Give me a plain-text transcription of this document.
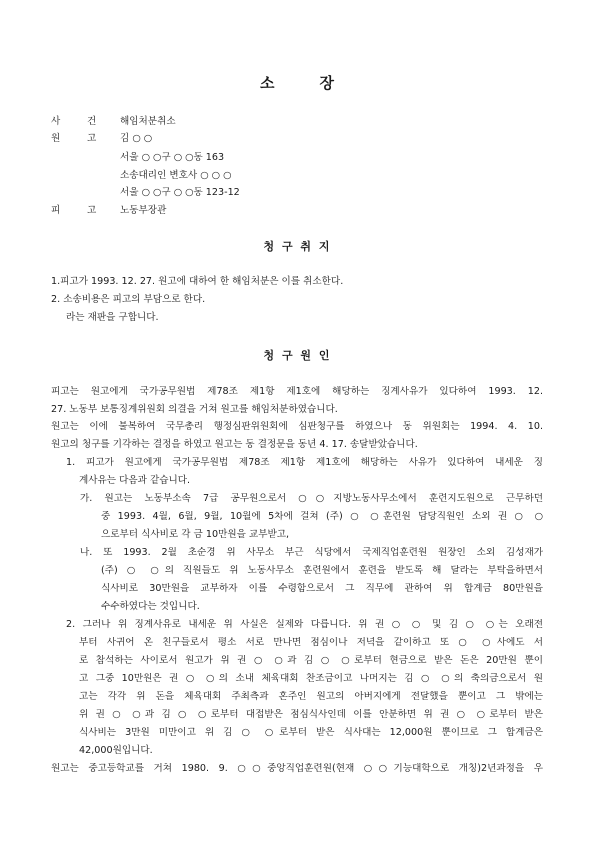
소	장
사	건 해임처분취소
원	고 김 ○ ○
서울 ○ ○구 ○ ○동 163
소송대리인 변호사 ○ ○ ○
서울 ○ ○구 ○ ○동 123-12
피	고 노동부장관
청 구 취 지
1.피고가 1993. 12. 27. 원고에 대하여 한 해임처분은 이를 취소한다.
2. 소송비용은 피고의 부담으로 한다.
라는 재판을 구합니다.
청 구 원 인
피고는 원고에게 국가공무원법 제78조 제1항 제1호에 해당하는 징계사유가 있다하여 1993. 12.
27. 노동부 보통징계위원회 의결을 거쳐 원고를 해임처분하였습니다.
원고는 이에 불복하여 국무총리 행정심판위원회에 심판청구를 하였으나 동 위원회는 1994. 4. 10.
원고의 청구를 기각하는 결정을 하였고 원고는 동 결정문을 동년 4. 17. 송달받았습니다.
1. 피고가 원고에게 국가공무원법 제78조 제1항 제1호에 해당하는 사유가 있다하여 내세운 징
계사유는 다음과 같습니다.
가. 원고는 노동부소속 7급 공무원으로서 ○○지방노동사무소에서 훈련지도원으로 근무하던
중 1993. 4월, 6월, 9월, 10월에 5차에 걸쳐 (주) ○ ○훈련원 담당직원인 소외 권 ○ ○
으로부터 식사비로 각 금 10만원을 교부받고,
나. 또 1993. 2월 초순경 위 사무소 부근 식당에서 국제직업훈련원 원장인 소외 김성재가
(주) ○ ○의 직원들도 위 노동사무소 훈련원에서 훈련을 받도록 해 달라는 부탁을하면서
식사비로 30만원을 교부하자 이를 수령함으로서 그 직무에 관하여 위 합계금 80만원을
수수하였다는 것입니다.
2. 그러나 위 징계사유로 내세운 위 사실은 실제와 다릅니다. 위 권 ○ ○ 및 김 ○ ○는 오래전
부터 사귀어 온 친구들로서 평소 서로 만나면 점심이나 저녁을 같이하고 또 ○ ○사에도 서
로 참석하는 사이로서 원고가 위 권 ○ ○과 김 ○ ○로부터 현금으로 받은 돈은 20만원 뿐이
고 그중 10만원은 권 ○ ○의 소내 체육대회 찬조금이고 나머지는 김 ○ ○의 축의금으로서 원
고는 각각 위 돈을 체육대회 주최측과 혼주인 원고의 아버지에게 전달했을 뿐이고 그 밖에는
위 권 ○ ○과 김 ○ ○로부터 대접받은 점심식사인데 이를 안분하면 위 권 ○ ○로부터 받은
식사비는 3만원 미만이고 위 김 ○ ○로부터 받은 식사대는 12,000원 뿐이므로 그 합계금은
42,000원입니다.
원고는 중고등학교를 거쳐 1980. 9. ○○중앙직업훈련원(현재 ○○기능대학으로 개칭)2년과정을 우
